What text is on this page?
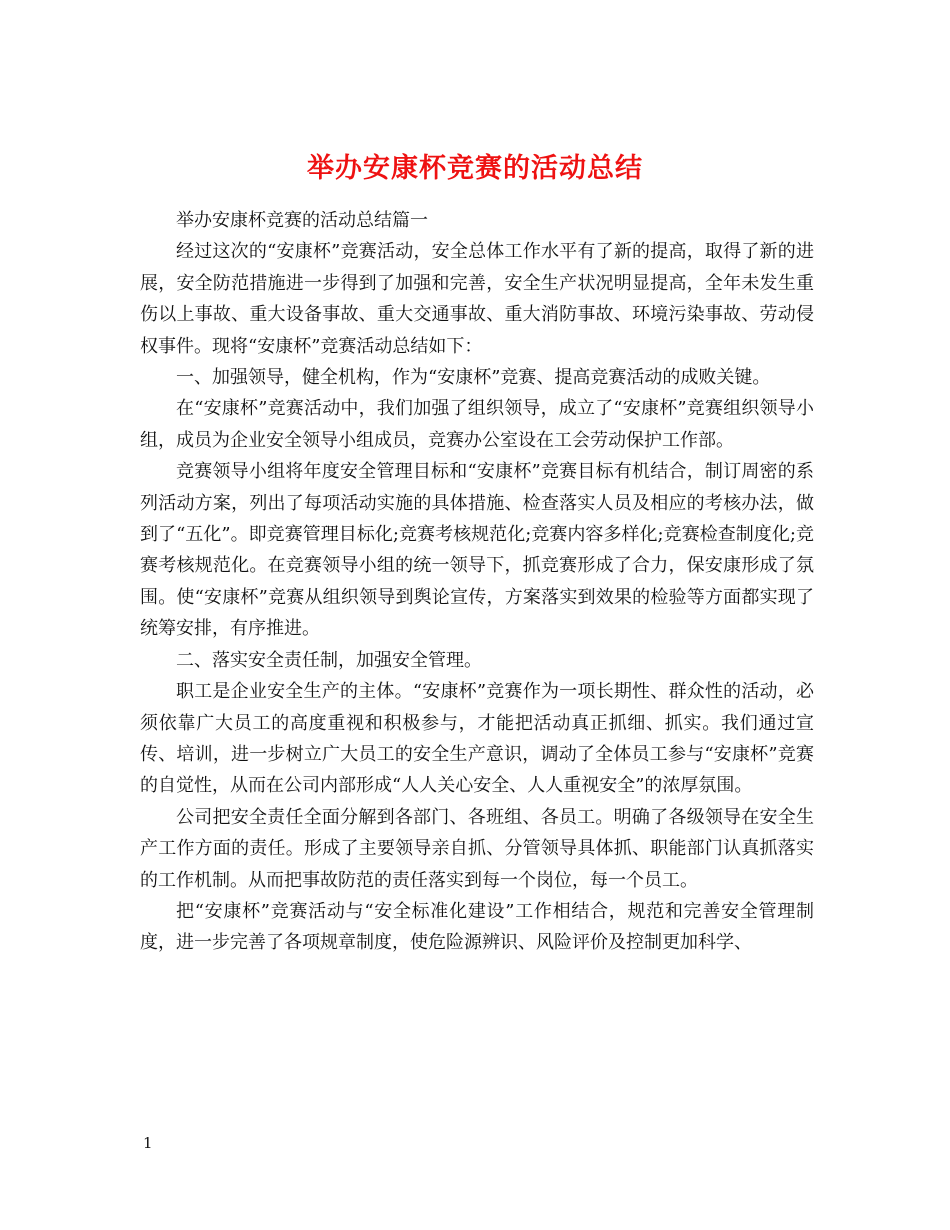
举办安康杯竞赛的活动总结

举办安康杯竞赛的活动总结篇一

经过这次的“安康杯”竞赛活动，安全总体工作水平有了新的提高，取得了新的进展，安全防范措施进一步得到了加强和完善，安全生产状况明显提高，全年未发生重伤以上事故、重大设备事故、重大交通事故、重大消防事故、环境污染事故、劳动侵权事件。现将“安康杯”竞赛活动总结如下：

一、加强领导，健全机构，作为“安康杯”竞赛、提高竞赛活动的成败关键。

在“安康杯”竞赛活动中，我们加强了组织领导，成立了“安康杯”竞赛组织领导小组，成员为企业安全领导小组成员，竞赛办公室设在工会劳动保护工作部。

竞赛领导小组将年度安全管理目标和“安康杯”竞赛目标有机结合，制订周密的系列活动方案，列出了每项活动实施的具体措施、检查落实人员及相应的考核办法，做到了“五化”。即竞赛管理目标化;竞赛考核规范化;竞赛内容多样化;竞赛检查制度化;竞赛考核规范化。在竞赛领导小组的统一领导下，抓竞赛形成了合力，保安康形成了氛围。使“安康杯”竞赛从组织领导到舆论宣传，方案落实到效果的检验等方面都实现了统筹安排，有序推进。

二、落实安全责任制，加强安全管理。

职工是企业安全生产的主体。“安康杯”竞赛作为一项长期性、群众性的活动，必须依靠广大员工的高度重视和积极参与，才能把活动真正抓细、抓实。我们通过宣传、培训，进一步树立广大员工的安全生产意识，调动了全体员工参与“安康杯”竞赛的自觉性，从而在公司内部形成“人人关心安全、人人重视安全”的浓厚氛围。

公司把安全责任全面分解到各部门、各班组、各员工。明确了各级领导在安全生产工作方面的责任。形成了主要领导亲自抓、分管领导具体抓、职能部门认真抓落实的工作机制。从而把事故防范的责任落实到每一个岗位，每一个员工。

把“安康杯”竞赛活动与“安全标准化建设”工作相结合，规范和完善安全管理制度，进一步完善了各项规章制度，使危险源辨识、风险评价及控制更加科学、

1
